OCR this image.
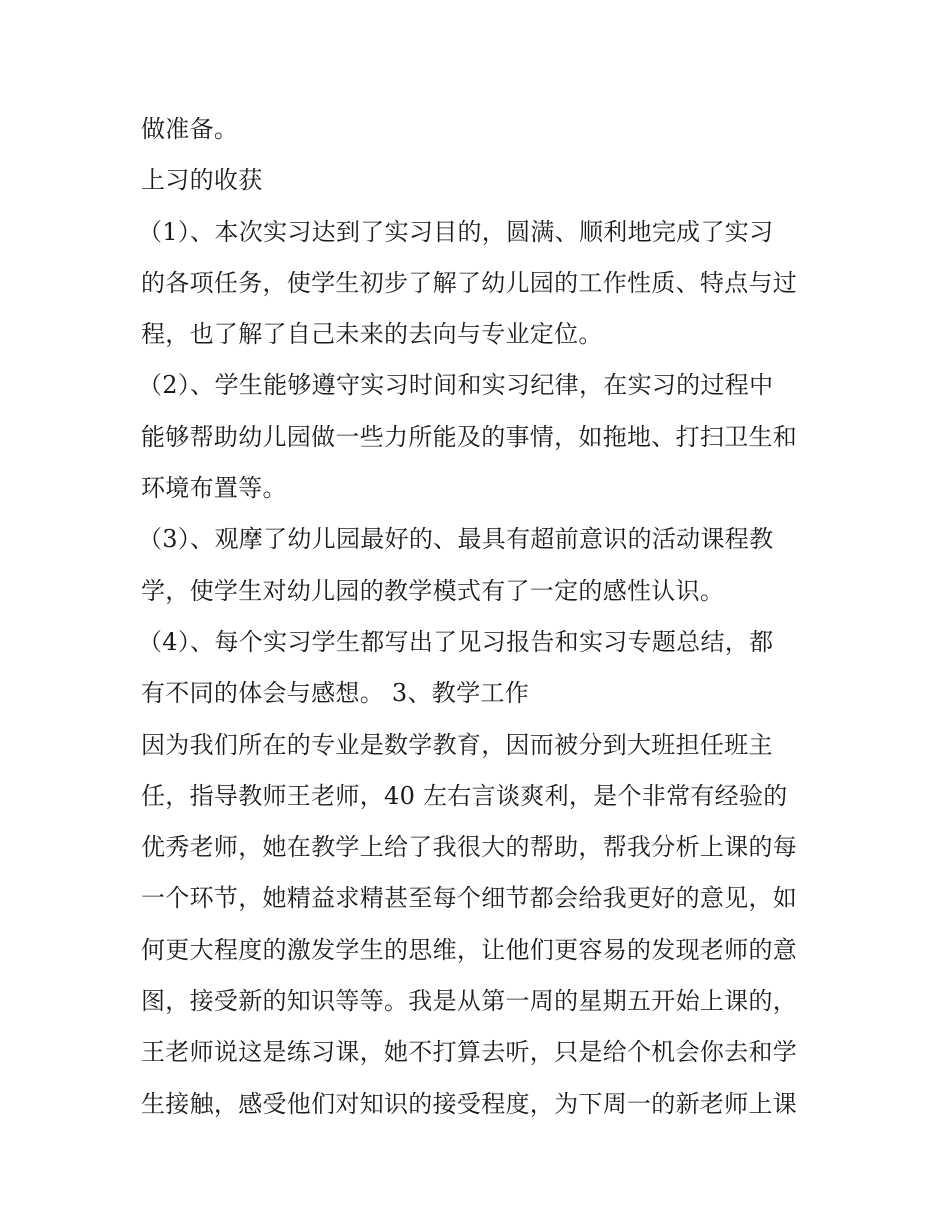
做准备。
上习的收获
（1）、本次实习达到了实习目的，圆满、顺利地完成了实习
的各项任务，使学生初步了解了幼儿园的工作性质、特点与过
程，也了解了自己未来的去向与专业定位。
（2）、学生能够遵守实习时间和实习纪律，在实习的过程中
能够帮助幼儿园做一些力所能及的事情，如拖地、打扫卫生和
环境布置等。
（3）、观摩了幼儿园最好的、最具有超前意识的活动课程教
学，使学生对幼儿园的教学模式有了一定的感性认识。
（4）、每个实习学生都写出了见习报告和实习专题总结，都
有不同的体会与感想。 3、教学工作
因为我们所在的专业是数学教育，因而被分到大班担任班主
任，指导教师王老师，40 左右言谈爽利，是个非常有经验的
优秀老师，她在教学上给了我很大的帮助，帮我分析上课的每
一个环节，她精益求精甚至每个细节都会给我更好的意见，如
何更大程度的激发学生的思维，让他们更容易的发现老师的意
图，接受新的知识等等。我是从第一周的星期五开始上课的，
王老师说这是练习课，她不打算去听，只是给个机会你去和学
生接触，感受他们对知识的接受程度，为下周一的新老师上课
